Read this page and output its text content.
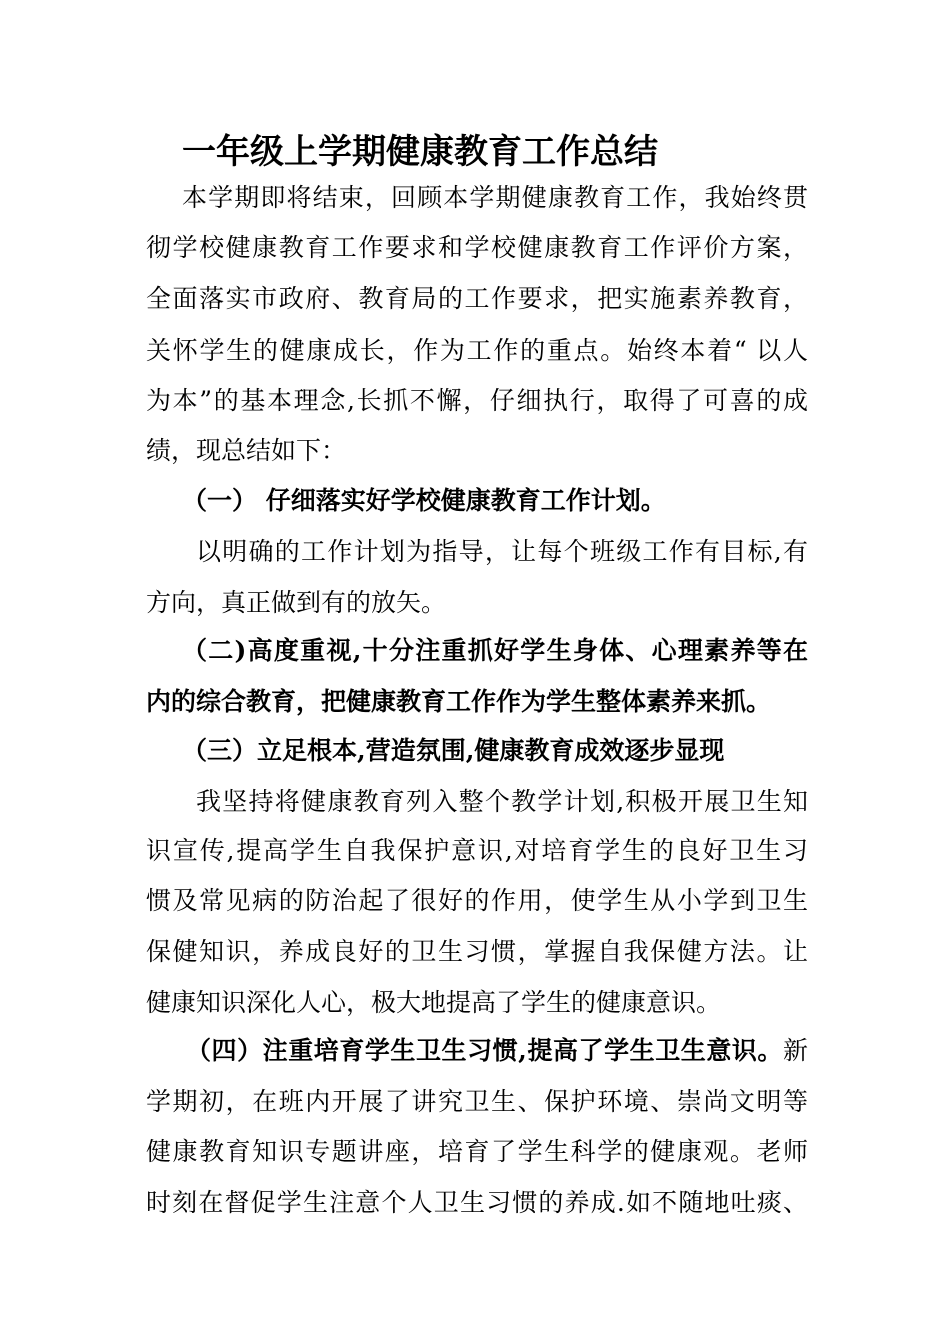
一年级上学期健康教育工作总结
本学期即将结束，回顾本学期健康教育工作，我始终贯
彻学校健康教育工作要求和学校健康教育工作评价方案，
全面落实市政府、教育局的工作要求，把实施素养教育，
关怀学生的健康成长，作为工作的重点。始终本着“ 以人
为本”的基本理念,长抓不懈，仔细执行，取得了可喜的成
绩，现总结如下：
（一） 仔细落实好学校健康教育工作计划。
以明确的工作计划为指导，让每个班级工作有目标,有
方向，真正做到有的放矢。
（二)高度重视,十分注重抓好学生身体、心理素养等在
内的综合教育，把健康教育工作作为学生整体素养来抓。
（三）立足根本,营造氛围,健康教育成效逐步显现
我坚持将健康教育列入整个教学计划,积极开展卫生知
识宣传,提高学生自我保护意识,对培育学生的良好卫生习
惯及常见病的防治起了很好的作用，使学生从小学到卫生
保健知识，养成良好的卫生习惯，掌握自我保健方法。让
健康知识深化人心，极大地提高了学生的健康意识。
（四）注重培育学生卫生习惯,提高了学生卫生意识。新
学期初，在班内开展了讲究卫生、保护环境、崇尚文明等
健康教育知识专题讲座，培育了学生科学的健康观。老师
时刻在督促学生注意个人卫生习惯的养成.如不随地吐痰、
